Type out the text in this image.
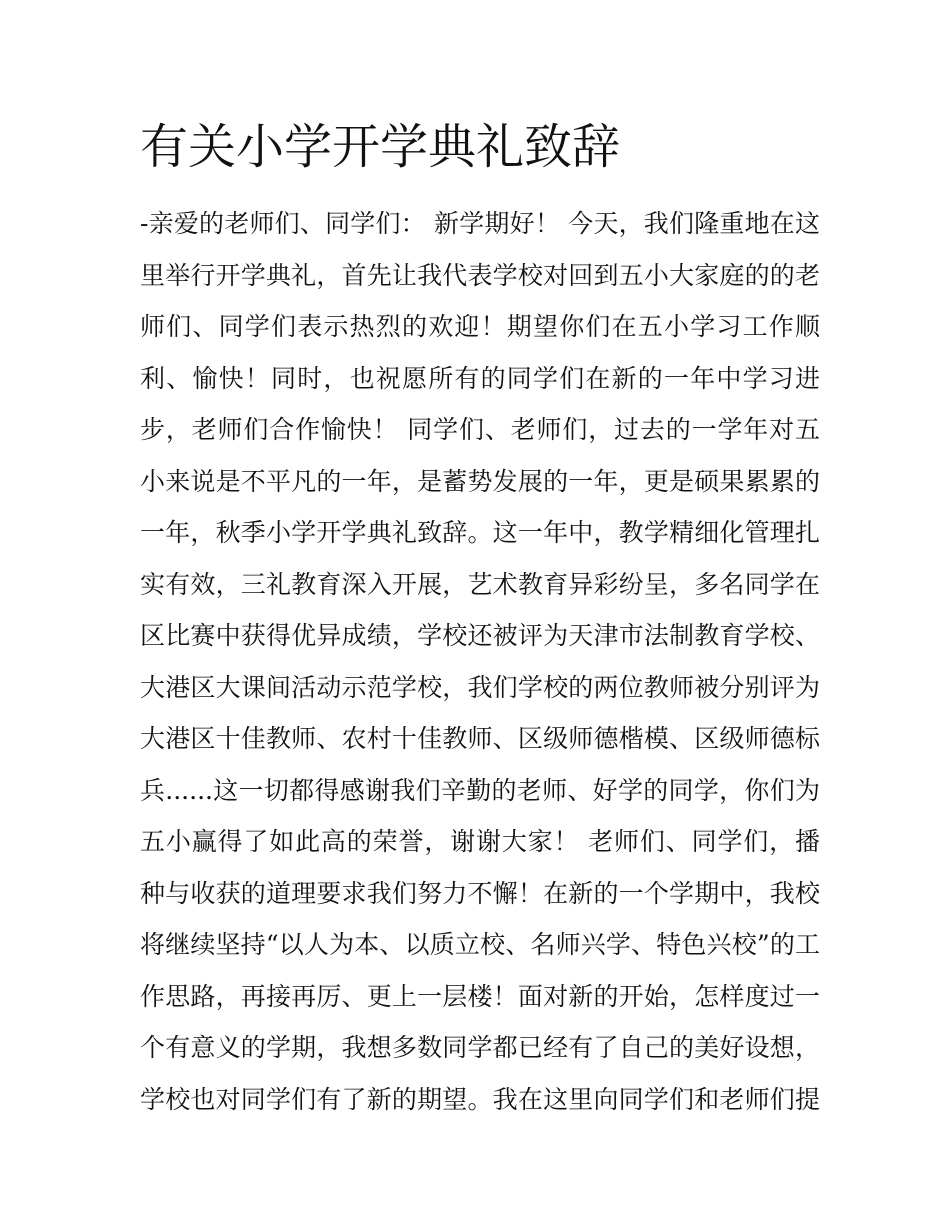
有关小学开学典礼致辞
-亲爱的老师们、同学们： 新学期好！ 今天，我们隆重地在这
里举行开学典礼，首先让我代表学校对回到五小大家庭的的老
师们、同学们表示热烈的欢迎！期望你们在五小学习工作顺
利、愉快！同时，也祝愿所有的同学们在新的一年中学习进
步，老师们合作愉快！ 同学们、老师们，过去的一学年对五
小来说是不平凡的一年，是蓄势发展的一年，更是硕果累累的
一年，秋季小学开学典礼致辞。这一年中，教学精细化管理扎
实有效，三礼教育深入开展，艺术教育异彩纷呈，多名同学在
区比赛中获得优异成绩，学校还被评为天津市法制教育学校、
大港区大课间活动示范学校，我们学校的两位教师被分别评为
大港区十佳教师、农村十佳教师、区级师德楷模、区级师德标
兵......这一切都得感谢我们辛勤的老师、好学的同学，你们为
五小赢得了如此高的荣誉，谢谢大家！ 老师们、同学们，播
种与收获的道理要求我们努力不懈！在新的一个学期中，我校
将继续坚持“以人为本、以质立校、名师兴学、特色兴校”的工
作思路，再接再厉、更上一层楼！面对新的开始，怎样度过一
个有意义的学期，我想多数同学都已经有了自己的美好设想，
学校也对同学们有了新的期望。我在这里向同学们和老师们提
